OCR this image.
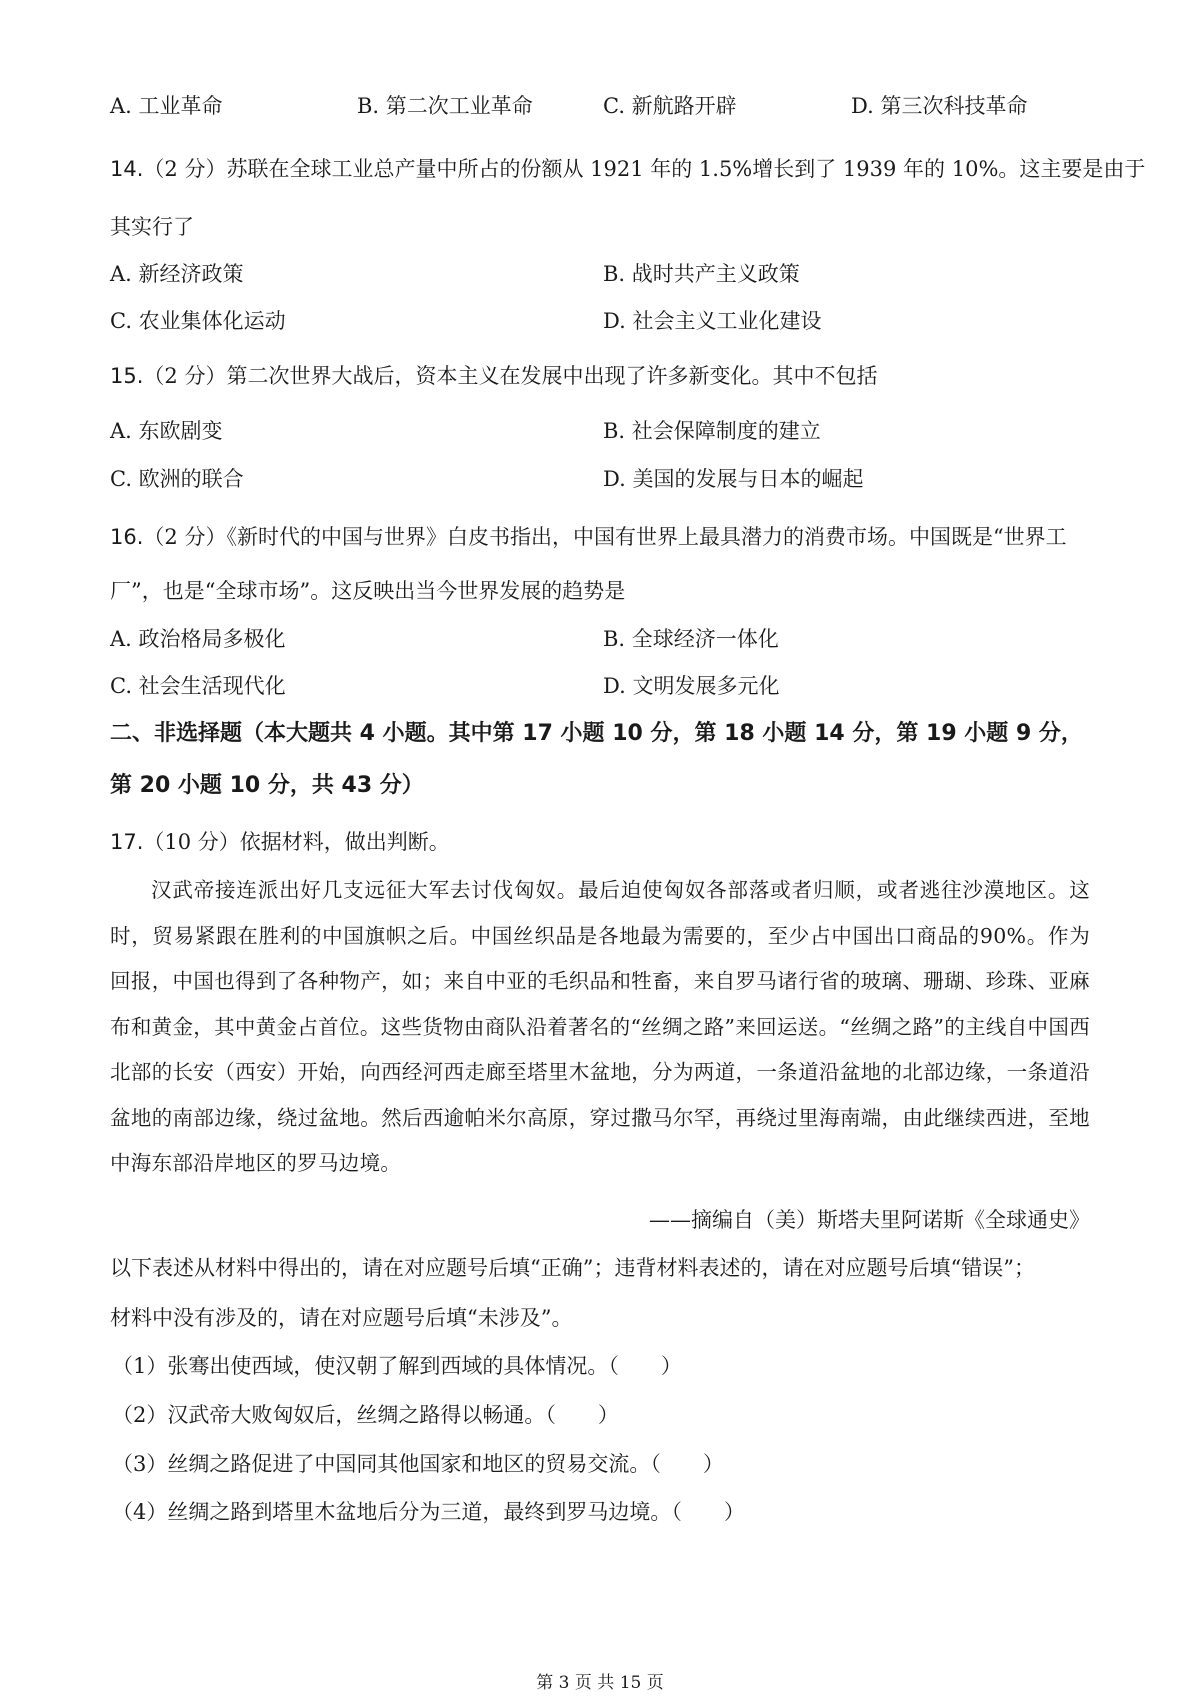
A. 工业革命	B. 第二次工业革命	C. 新航路开辟	D. 第三次科技革命
14.（2 分）苏联在全球工业总产量中所占的份额从 1921 年的 1.5%增长到了 1939 年的 10%。这主要是由于
其实行了
A. 新经济政策	B. 战时共产主义政策
C. 农业集体化运动	D. 社会主义工业化建设
15.（2 分）第二次世界大战后，资本主义在发展中出现了许多新变化。其中不包括
A. 东欧剧变	B. 社会保障制度的建立
C. 欧洲的联合	D. 美国的发展与日本的崛起
16.（2 分）《新时代的中国与世界》白皮书指出，中国有世界上最具潜力的消费市场。中国既是“世界工
厂”，也是“全球市场”。这反映出当今世界发展的趋势是
A. 政治格局多极化	B. 全球经济一体化
C. 社会生活现代化	D. 文明发展多元化
二、非选择题（本大题共 4 小题。其中第 17 小题 10 分，第 18 小题 14 分，第 19 小题 9 分，
第 20 小题 10 分，共 43 分）
17.（10 分）依据材料，做出判断。
汉武帝接连派出好几支远征大军去讨伐匈奴。最后迫使匈奴各部落或者归顺，或者逃往沙漠地区。这时，贸易紧跟在胜利的中国旗帜之后。中国丝织品是各地最为需要的，至少占中国出口商品的90%。作为回报，中国也得到了各种物产，如；来自中亚的毛织品和牲畜，来自罗马诸行省的玻璃、珊瑚、珍珠、亚麻布和黄金，其中黄金占首位。这些货物由商队沿着著名的“丝绸之路”来回运送。“丝绸之路”的主线自中国西北部的长安（西安）开始，向西经河西走廊至塔里木盆地，分为两道，一条道沿盆地的北部边缘，一条道沿盆地的南部边缘，绕过盆地。然后西逾帕米尔高原，穿过撒马尔罕，再绕过里海南端，由此继续西进，至地中海东部沿岸地区的罗马边境。
——摘编自（美）斯塔夫里阿诺斯《全球通史》
以下表述从材料中得出的，请在对应题号后填“正确”；违背材料表述的，请在对应题号后填“错误”；
材料中没有涉及的，请在对应题号后填“未涉及”。
（1）张骞出使西域，使汉朝了解到西域的具体情况。（　　）
（2）汉武帝大败匈奴后，丝绸之路得以畅通。（　　）
（3）丝绸之路促进了中国同其他国家和地区的贸易交流。（　　）
（4）丝绸之路到塔里木盆地后分为三道，最终到罗马边境。（　　）
第 3 页 共 15 页
